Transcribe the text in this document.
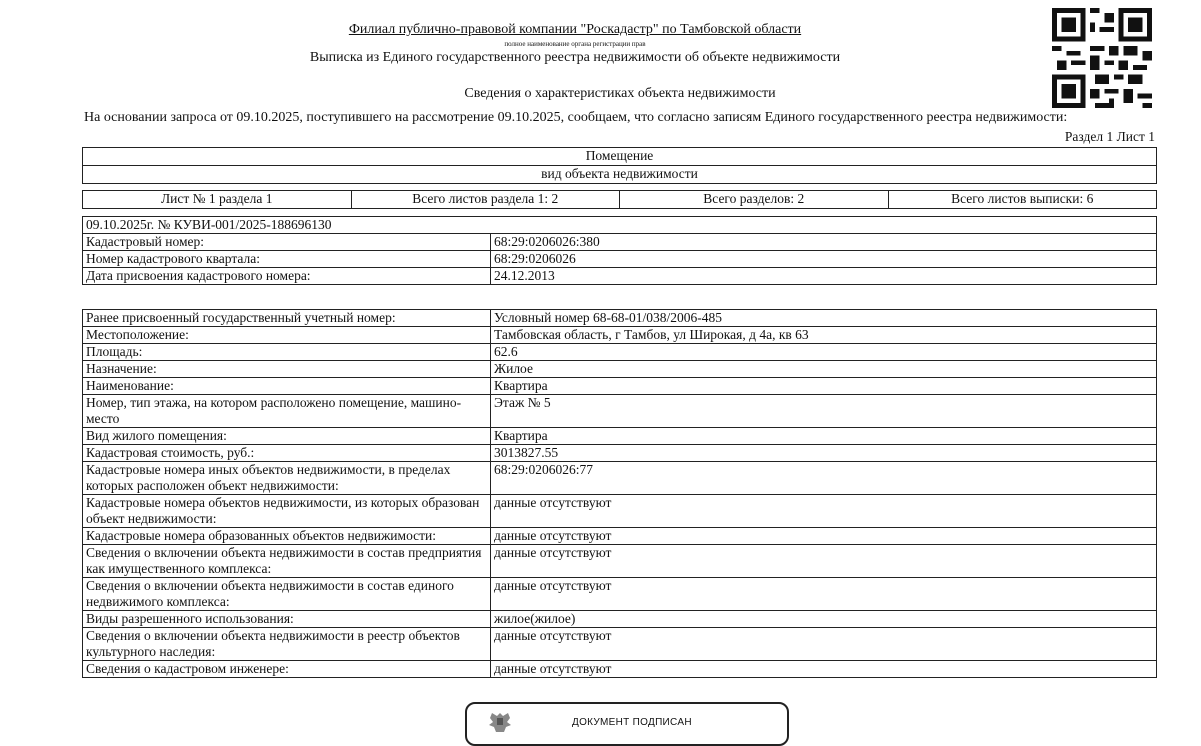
Филиал публично-правовой компании "Роскадастр" по Тамбовской области
полное наименование органа регистрации прав
Выписка из Единого государственного реестра недвижимости об объекте недвижимости
Сведения о характеристиках объекта недвижимости
На основании запроса от 09.10.2025, поступившего на рассмотрение 09.10.2025, сообщаем, что согласно записям Единого государственного реестра недвижимости:
Раздел 1 Лист 1
Помещение
вид объекта недвижимости
Лист № 1 раздела 1	Всего листов раздела 1: 2	Всего разделов: 2	Всего листов выписки: 6
09.10.2025г. № КУВИ-001/2025-188696130	
Кадастровый номер:	68:29:0206026:380
Номер кадастрового квартала:	68:29:0206026
Дата присвоения кадастрового номера:	24.12.2013
Ранее присвоенный государственный учетный номер:	Условный номер 68-68-01/038/2006-485
Местоположение:	Тамбовская область, г Тамбов, ул Широкая, д 4а, кв 63
Площадь:	62.6
Назначение:	Жилое
Наименование:	Квартира
Номер, тип этажа, на котором расположено помещение, машино-место	Этаж № 5
Вид жилого помещения:	Квартира
Кадастровая стоимость, руб.:	3013827.55
Кадастровые номера иных объектов недвижимости, в пределах которых расположен объект недвижимости:	68:29:0206026:77
Кадастровые номера объектов недвижимости, из которых образован объект недвижимости:	данные отсутствуют
Кадастровые номера образованных объектов недвижимости:	данные отсутствуют
Сведения о включении объекта недвижимости в состав предприятия как имущественного комплекса:	данные отсутствуют
Сведения о включении объекта недвижимости в состав единого недвижимого комплекса:	данные отсутствуют
Виды разрешенного использования:	жилое(жилое)
Сведения о включении объекта недвижимости в реестр объектов культурного наследия:	данные отсутствуют
Сведения о кадастровом инженере:	данные отсутствуют
ДОКУМЕНТ ПОДПИСАН
